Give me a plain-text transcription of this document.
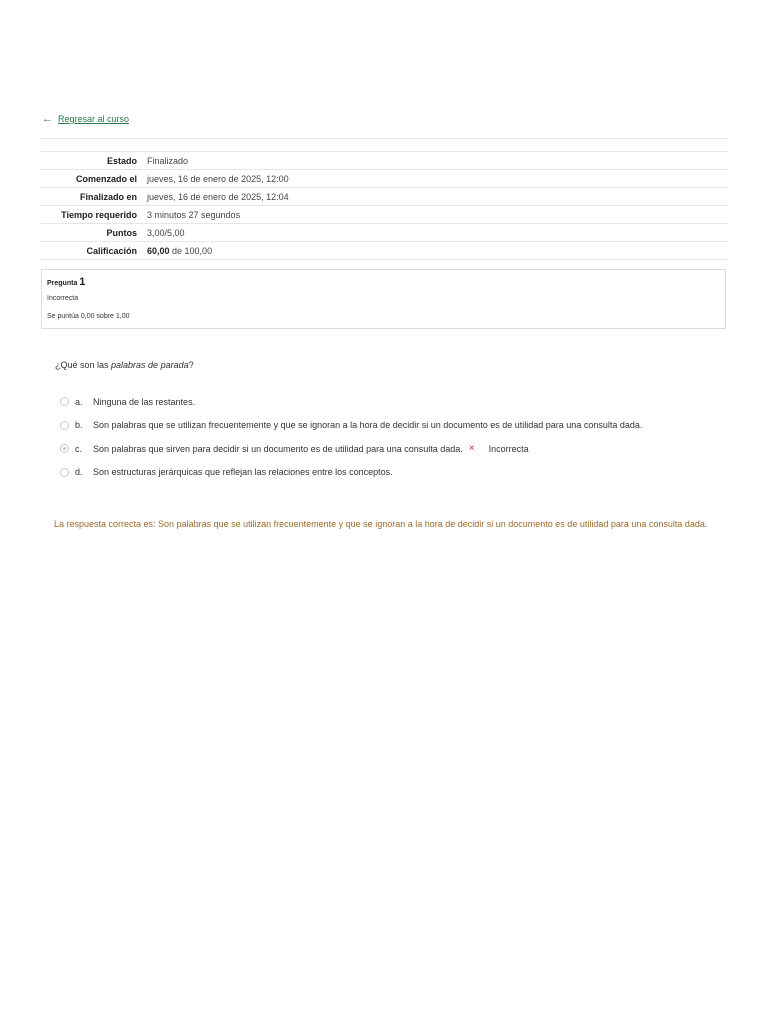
← Regresar al curso
Estado	Finalizado
Comenzado el	jueves, 16 de enero de 2025, 12:00
Finalizado en	jueves, 16 de enero de 2025, 12:04
Tiempo requerido	3 minutos 27 segundos
Puntos	3,00/5,00
Calificación	60,00 de 100,00
Pregunta 1
Incorrecta
Se puntúa 0,00 sobre 1,00
¿Qué son las palabras de parada?
a.	Ninguna de las restantes.
b.	Son palabras que se utilizan frecuentemente y que se ignoran a la hora de decidir si un documento es de utilidad para una consulta dada.
c.	Son palabras que sirven para decidir si un documento es de utilidad para una consulta dada. × Incorrecta
d.	Son estructuras jerárquicas que reflejan las relaciones entre los conceptos.
La respuesta correcta es: Son palabras que se utilizan frecuentemente y que se ignoran a la hora de decidir si un documento es de utilidad para una consulta dada.
